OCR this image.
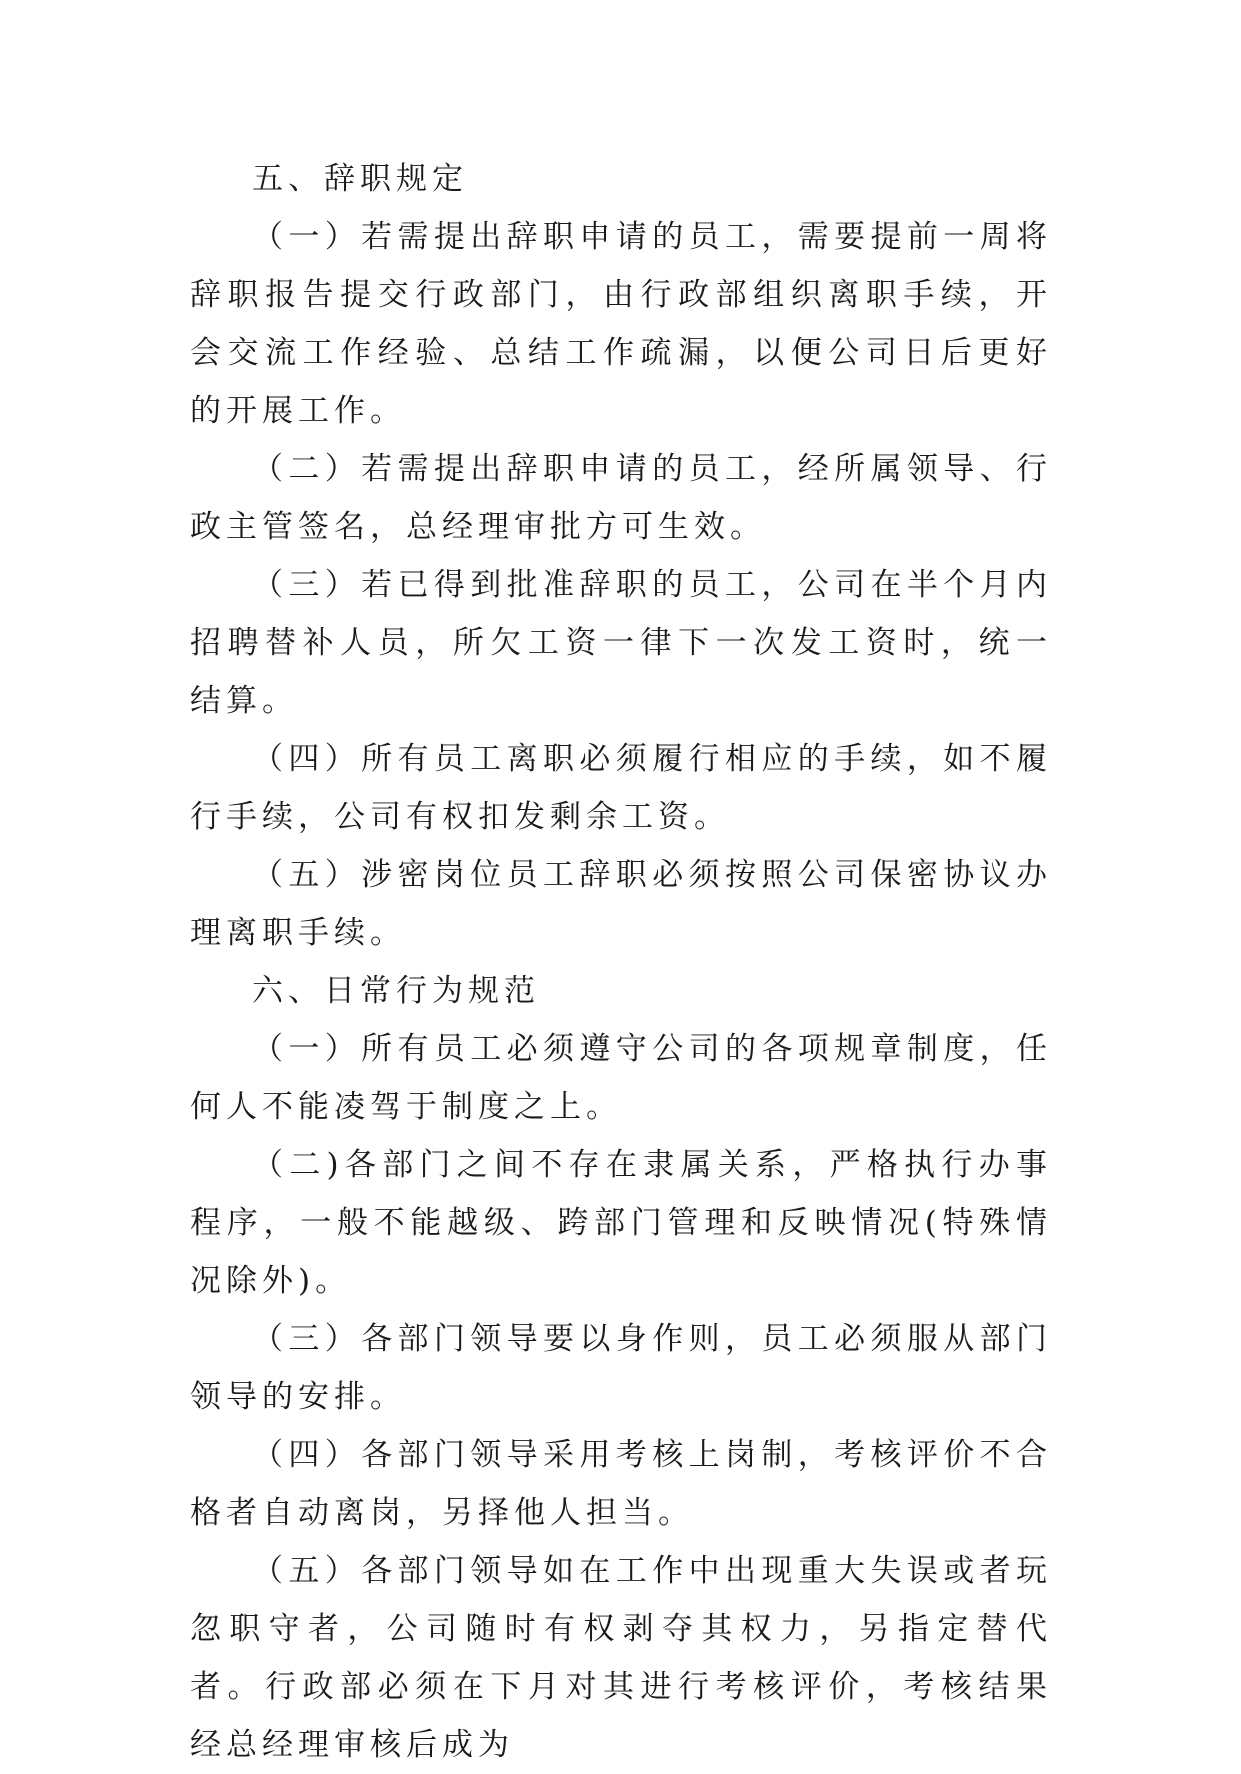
五、辞职规定

（一）若需提出辞职申请的员工，需要提前一周将辞职报告提交行政部门，由行政部组织离职手续，开会交流工作经验、总结工作疏漏，以便公司日后更好的开展工作。

（二）若需提出辞职申请的员工，经所属领导、行政主管签名，总经理审批方可生效。

（三）若已得到批准辞职的员工，公司在半个月内招聘替补人员，所欠工资一律下一次发工资时，统一结算。

（四）所有员工离职必须履行相应的手续，如不履行手续，公司有权扣发剩余工资。

（五）涉密岗位员工辞职必须按照公司保密协议办理离职手续。

六、日常行为规范

（一）所有员工必须遵守公司的各项规章制度，任何人不能凌驾于制度之上。

（二)各部门之间不存在隶属关系，严格执行办事程序，一般不能越级、跨部门管理和反映情况(特殊情况除外)。

（三）各部门领导要以身作则，员工必须服从部门领导的安排。

（四）各部门领导采用考核上岗制，考核评价不合格者自动离岗，另择他人担当。

（五）各部门领导如在工作中出现重大失误或者玩忽职守者，公司随时有权剥夺其权力，另指定替代者。行政部必须在下月对其进行考核评价，考核结果经总经理审核后成为
